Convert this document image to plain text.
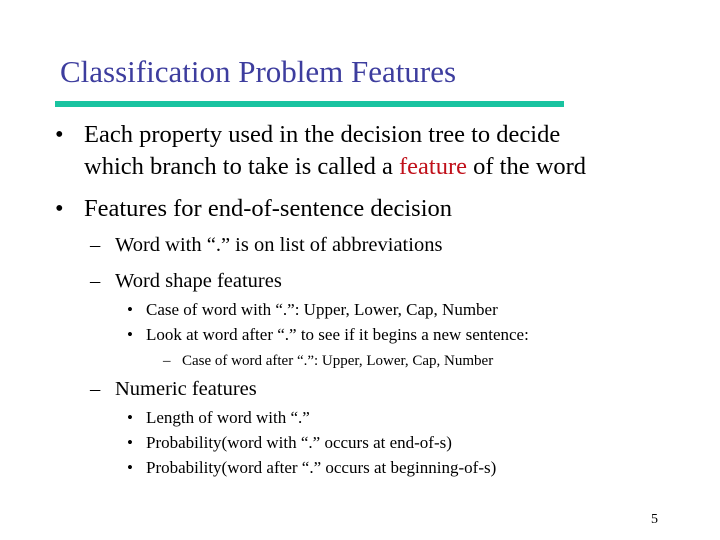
Classification Problem Features
• Each property used in the decision tree to decide
which branch to take is called a feature of the word
• Features for end-of-sentence decision
– Word with “.” is on list of abbreviations
– Word shape features
• Case of word with “.”: Upper, Lower, Cap, Number
• Look at word after “.” to see if it begins a new sentence:
– Case of word after “.”: Upper, Lower, Cap, Number
– Numeric features
• Length of word with “.”
• Probability(word with “.” occurs at end-of-s)
• Probability(word after “.” occurs at beginning-of-s)
5
